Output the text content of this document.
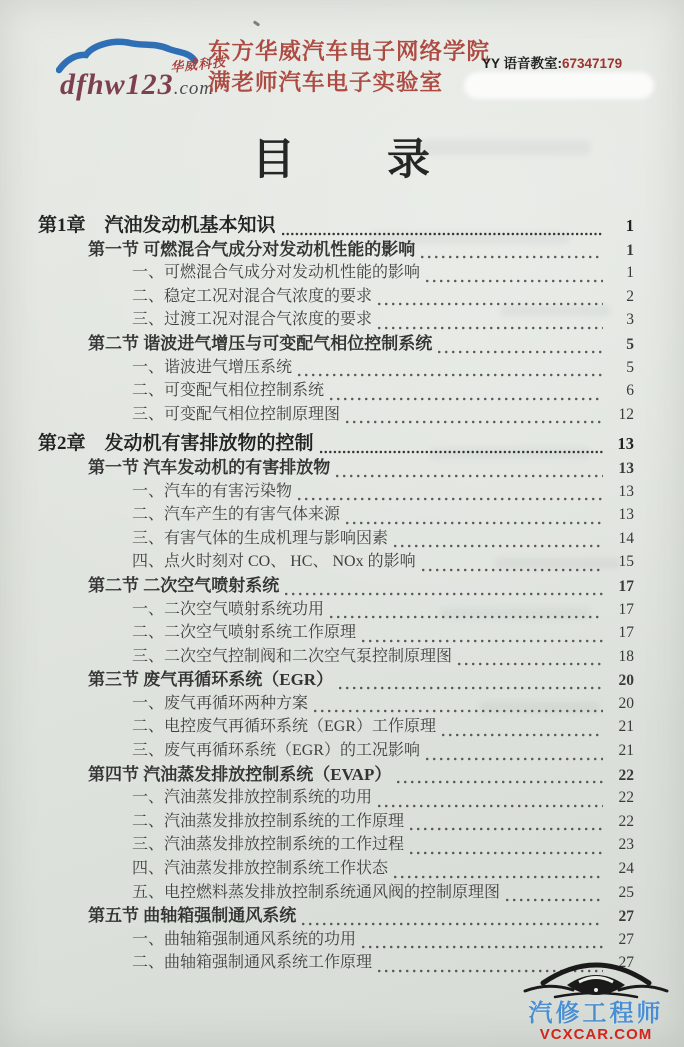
dfhw123.com
华威科技
东方华威汽车电子网络学院
满老师汽车电子实验室
YY 语音教室:67347179
目　　录
第1章　汽油发动机基本知识	1
第一节 可燃混合气成分对发动机性能的影响	1
一、可燃混合气成分对发动机性能的影响	1
二、稳定工况对混合气浓度的要求	2
三、过渡工况对混合气浓度的要求	3
第二节 谐波进气增压与可变配气相位控制系统	5
一、谐波进气增压系统	5
二、可变配气相位控制系统	6
三、可变配气相位控制原理图	12
第2章　发动机有害排放物的控制	13
第一节 汽车发动机的有害排放物	13
一、汽车的有害污染物	13
二、汽车产生的有害气体来源	13
三、有害气体的生成机理与影响因素	14
四、点火时刻对 CO、 HC、 NOx 的影响	15
第二节 二次空气喷射系统	17
一、二次空气喷射系统功用	17
二、二次空气喷射系统工作原理	17
三、二次空气控制阀和二次空气泵控制原理图	18
第三节 废气再循环系统（EGR）	20
一、废气再循环两种方案	20
二、电控废气再循环系统（EGR）工作原理	21
三、废气再循环系统（EGR）的工况影响	21
第四节 汽油蒸发排放控制系统（EVAP）	22
一、汽油蒸发排放控制系统的功用	22
二、汽油蒸发排放控制系统的工作原理	22
三、汽油蒸发排放控制系统的工作过程	23
四、汽油蒸发排放控制系统工作状态	24
五、电控燃料蒸发排放控制系统通风阀的控制原理图	25
第五节 曲轴箱强制通风系统	27
一、曲轴箱强制通风系统的功用	27
二、曲轴箱强制通风系统工作原理	27
汽修工程师
VCXCAR.COM
